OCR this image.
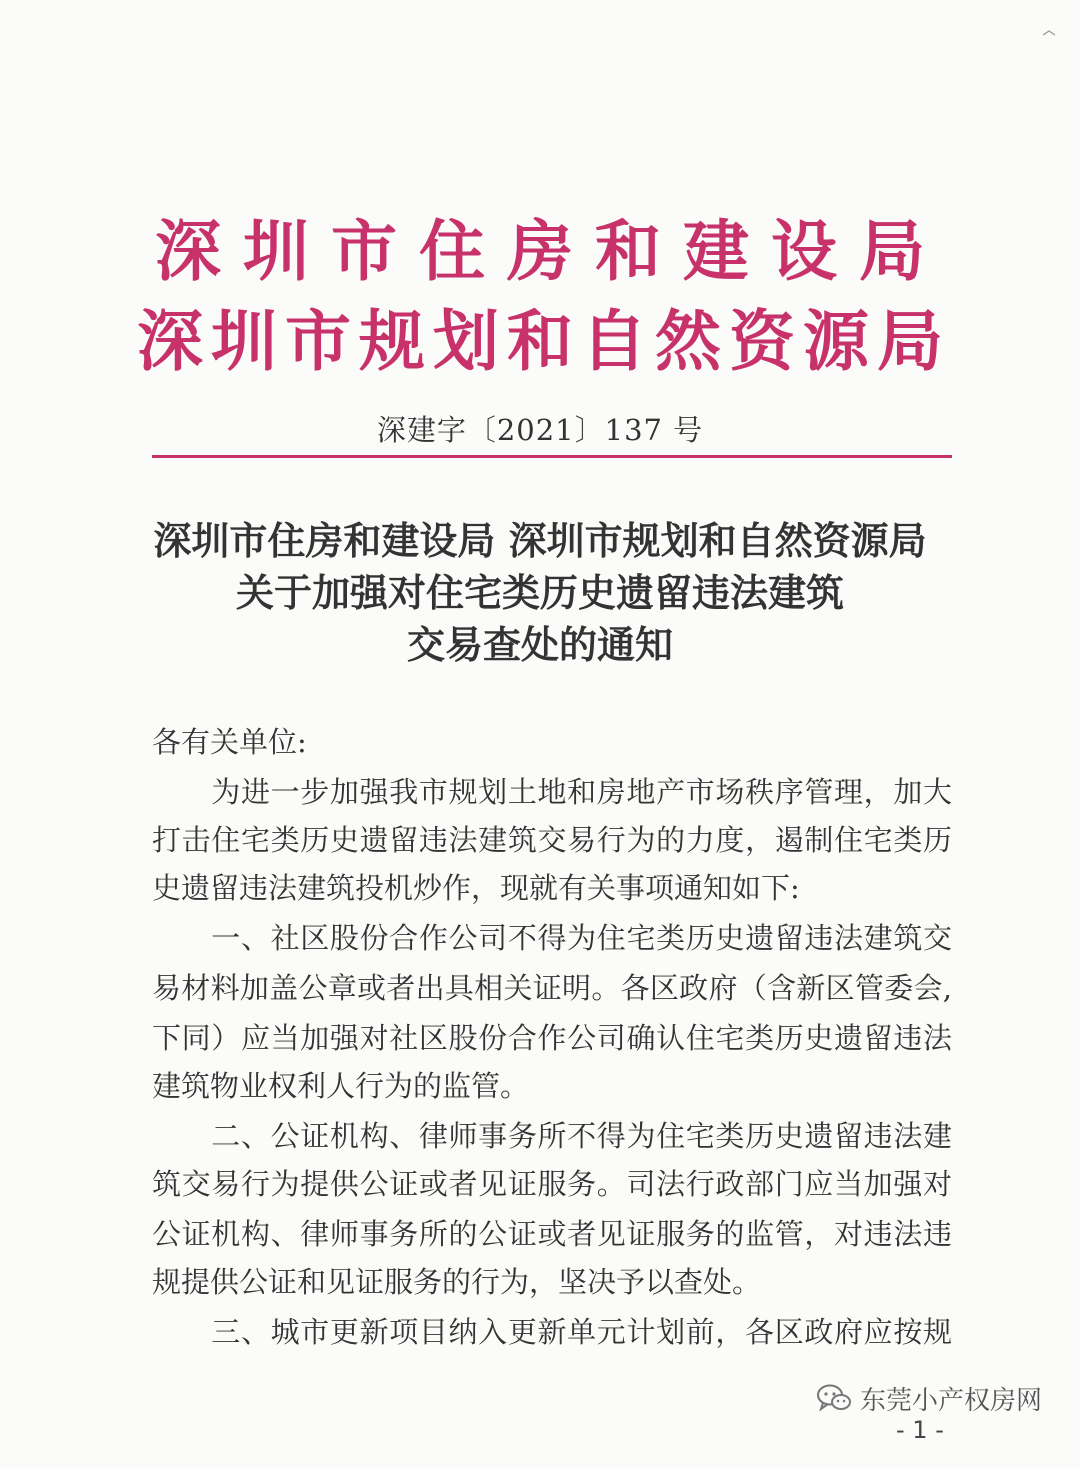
深圳市住房和建设局
深圳市规划和自然资源局
深建字〔2021〕137 号
深圳市住房和建设局 深圳市规划和自然资源局
关于加强对住宅类历史遗留违法建筑
交易查处的通知
各有关单位:
　　为进一步加强我市规划土地和房地产市场秩序管理，加大
打击住宅类历史遗留违法建筑交易行为的力度，遏制住宅类历
史遗留违法建筑投机炒作，现就有关事项通知如下:
　　一、社区股份合作公司不得为住宅类历史遗留违法建筑交
易材料加盖公章或者出具相关证明。各区政府（含新区管委会,
下同）应当加强对社区股份合作公司确认住宅类历史遗留违法
建筑物业权利人行为的监管。
　　二、公证机构、律师事务所不得为住宅类历史遗留违法建
筑交易行为提供公证或者见证服务。司法行政部门应当加强对
公证机构、律师事务所的公证或者见证服务的监管，对违法违
规提供公证和见证服务的行为，坚决予以查处。
　　三、城市更新项目纳入更新单元计划前，各区政府应按规
东莞小产权房网
- 1 -
